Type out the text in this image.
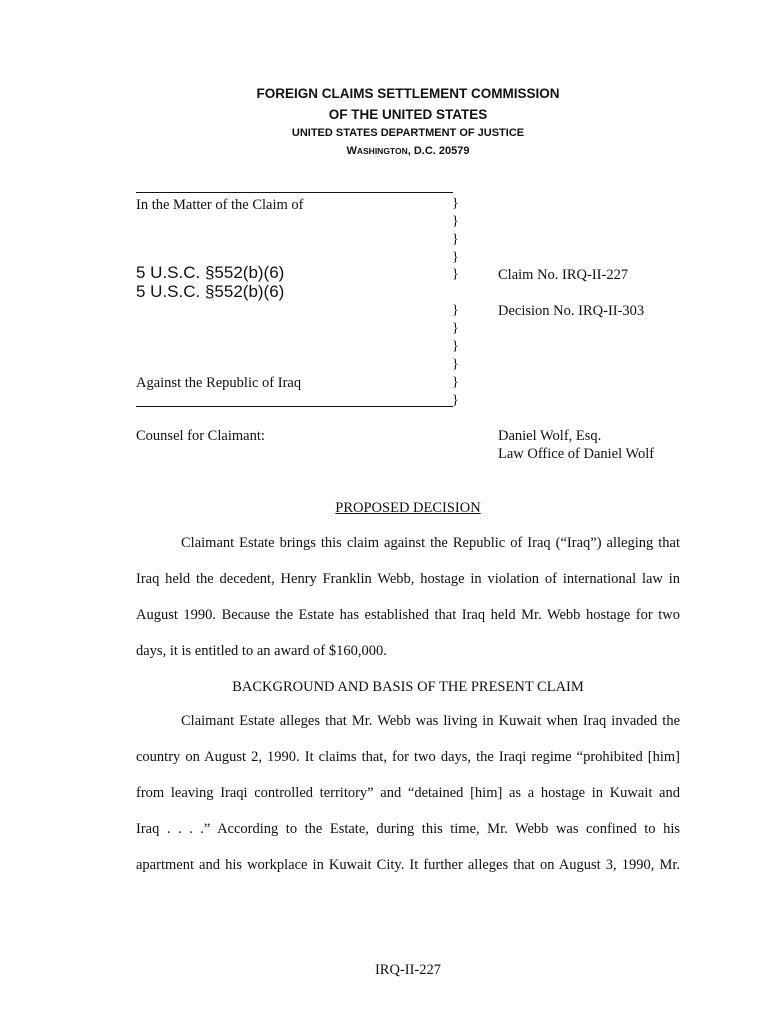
FOREIGN CLAIMS SETTLEMENT COMMISSION
OF THE UNITED STATES
UNITED STATES DEPARTMENT OF JUSTICE
WASHINGTON, D.C. 20579
In the Matter of the Claim of	}
}
}
}
}
}
}
}
}
}
}
5 U.S.C. §552(b)(6)
5 U.S.C. §552(b)(6)
Claim No. IRQ-II-227
Decision No. IRQ-II-303
Against the Republic of Iraq
Counsel for Claimant:	Daniel Wolf, Esq.
Law Office of Daniel Wolf
PROPOSED DECISION
Claimant Estate brings this claim against the Republic of Iraq (“Iraq”) alleging that
Iraq held the decedent, Henry Franklin Webb, hostage in violation of international law in
August 1990. Because the Estate has established that Iraq held Mr. Webb hostage for two
days, it is entitled to an award of $160,000.
BACKGROUND AND BASIS OF THE PRESENT CLAIM
Claimant Estate alleges that Mr. Webb was living in Kuwait when Iraq invaded the
country on August 2, 1990. It claims that, for two days, the Iraqi regime “prohibited [him]
from leaving Iraqi controlled territory” and “detained [him] as a hostage in Kuwait and
Iraq . . . .” According to the Estate, during this time, Mr. Webb was confined to his
apartment and his workplace in Kuwait City. It further alleges that on August 3, 1990, Mr.
IRQ-II-227
